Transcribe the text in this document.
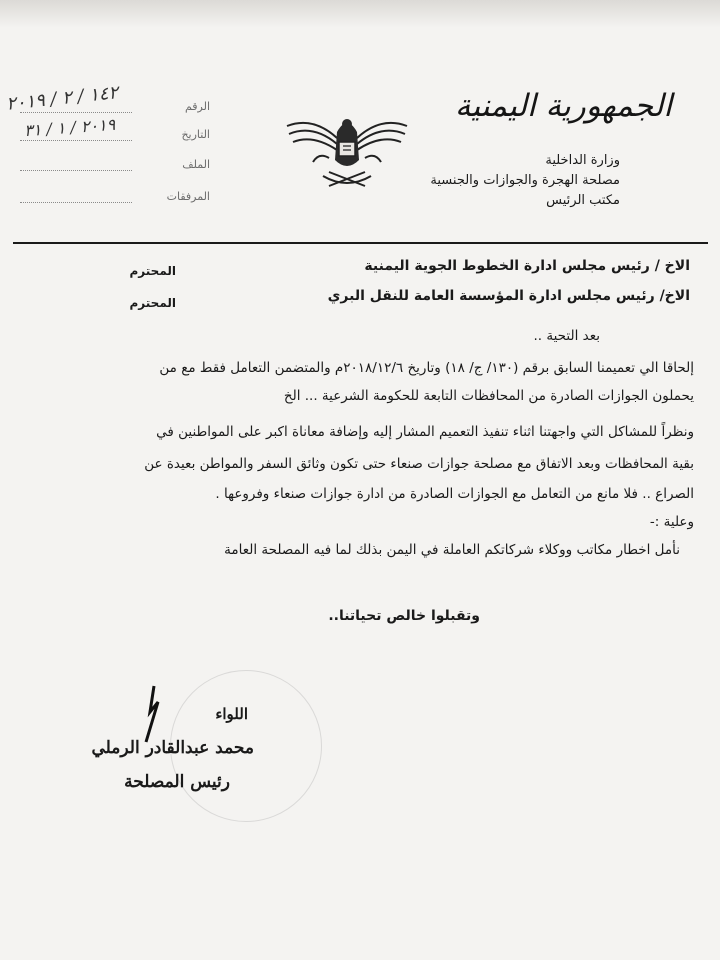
الجمهورية اليمنية
وزارة الداخلية
مصلحة الهجرة والجوازات والجنسية
مكتب الرئيس
الرقم
١٤٢ / ٢ / ٢٠١٩
التاريخ
٢٠١٩ / ١ / ٣١
الملف
المرفقات
الاخ / رئيس مجلس ادارة الخطوط الجوية اليمنية
المحترم
الاخ/ رئيس مجلس ادارة المؤسسة العامة للنقل البري
المحترم
بعد التحية ..
إلحاقا الي تعميمنا السابق برقم (١٣٠/ ج/ ١٨) وتاريخ ٢٠١٨/١٢/٦م والمتضمن التعامل فقط مع من
يحملون الجوازات الصادرة من المحافظات التابعة للحكومة الشرعية ... الخ
ونظراً للمشاكل التي واجهتنا اثناء تنفيذ التعميم المشار إليه وإضافة معاناة اكبر على المواطنين في
بقية المحافظات وبعد الاتفاق مع مصلحة جوازات صنعاء حتى تكون وثائق السفر والمواطن بعيدة عن
الصراع .. فلا مانع من التعامل مع الجوازات الصادرة من ادارة جوازات صنعاء وفروعها .
وعلية :-
نأمل اخطار مكاتب ووكلاء شركاتكم العاملة في اليمن بذلك لما فيه المصلحة العامة
وتقبلوا خالص تحياتنا..
اللواء
محمد عبدالقادر الرملي
رئيس المصلحة
